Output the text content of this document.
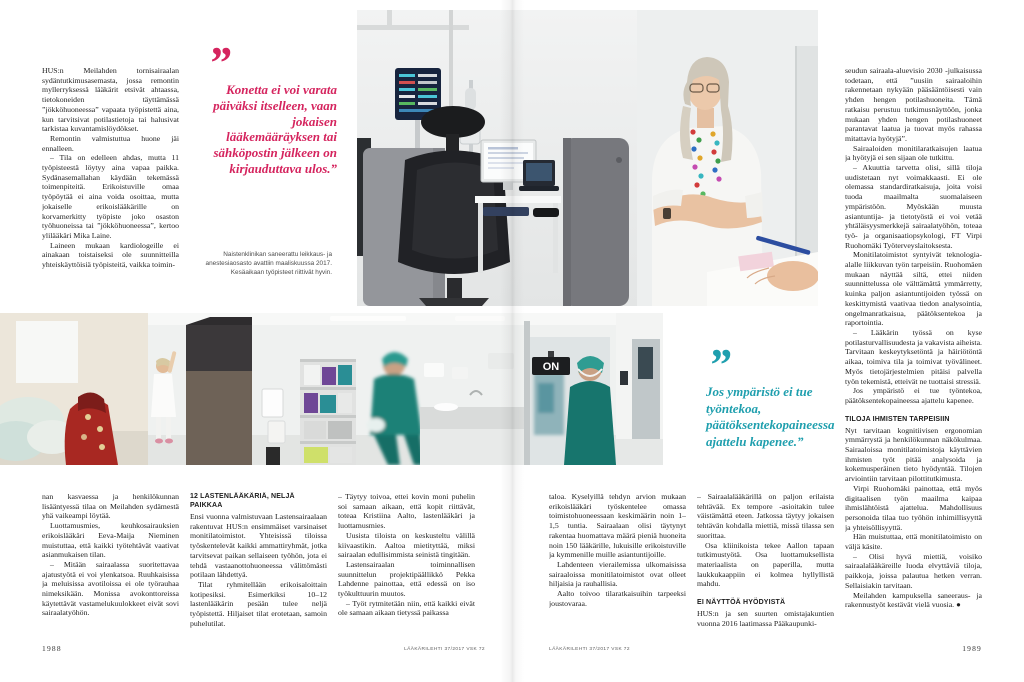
HUS:n Meilahden tornisairaalan sydäntutkimusasemasta, jossa remontin myllerryksessä lääkärit etsivät ahtaassa, tietokoneiden täyttämässä ”jökköhuoneessa” vapaata työpistettä aina, kun tarvitsivat potilastietoja tai halusivat tarkistaa kuvantamislöydökset.

Remontin valmistuttua huone jäi ennalleen.

– Tila on edelleen ahdas, mutta 11 työpisteestä löytyy aina vapaa paikka. Sydänasemallahan käydään tekemässä toimenpiteitä. Erikoistuville omaa työpöytää ei aina voida osoittaa, mutta jokaiselle erikoislääkärille on korvamerkitty työpiste joko osaston työhuoneissa tai ”jökköhuoneessa”, kertoo ylilääkäri Mika Laine.

Laineen mukaan kardiologeille ei ainakaan toistaiseksi ole suunnitteilla yhteiskäyttöisiä työpisteitä, vaikka toimin-

”
Konetta ei voi varata päiväksi itselleen, vaan jokaisen lääkemääräyksen tai sähköpostin jälkeen on kirjauduttava ulos.”
Naistenklinikan saneerattu leikkaus- ja anestesiaosasto avattiin maaliskuussa 2017. Kesäaikaan työpisteet riittivät hyvin.
ON

nan kasvaessa ja henkilökunnan lisääntyessä tilaa on Meilahden sydämestä yhä vaikeampi löytää.

Luottamusmies, keuhkosairauksien erikoislääkäri Eeva-Maija Nieminen muistuttaa, että kaikki työtehtävät vaativat asianmukaisen tilan.

– Mitään sairaalassa suoritettavaa ajatustyötä ei voi ylenkatsoa. Ruuhkaisissa ja meluisissa avotiloissa ei ole työrauhaa nimeksikään. Monissa avokonttoreissa käytettävät vastamelukuulokkeet eivät sovi sairaalatyöhön.

12 LASTENLÄÄKÄRIÄ, NELJÄ PAIKKAA

Ensi vuonna valmistuvaan Lastensairaalaan rakentuvat HUS:n ensimmäiset varsinaiset monitilatoimistot. Yhteisissä tiloissa työskentelevät kaikki ammattiryhmät, jotka tarvitsevat paikan sellaiseen työhön, jota ei tehdä vastaanottohuoneessa välittömästi potilaan lähdettyä.

Tilat ryhmitellään erikoisaloittain kotipesiksi. Esimerkiksi 10–12 lastenlääkärin pesään tulee neljä työpistettä. Hiljaiset tilat erotetaan, samoin puhelutilat.

– Täytyy toivoa, ettei kovin moni puhelin soi samaan aikaan, että kopit riittävät, toteaa Kristiina Aalto, lastenlääkäri ja luottamusmies.

Uusista tiloista on keskusteltu välillä kiivaastikin. Aaltoa mietityttää, miksi sairaalan edullisimmista seinistä tingitään.

Lastensairaalan toiminnallisen suunnittelun projektipäällikkö Pekka Lahdenne painottaa, että edessä on iso työkulttuurin muutos.

– Työt rytmitetään niin, että kaikki eivät ole samaan aikaan tietyssä paikassa

”
Jos ympäristö ei tue työntekoa, päätöksentekopaineessa ajattelu kapenee.”

taloa. Kyselyillä tehdyn arvion mukaan erikoislääkäri työskentelee omassa toimistohuoneessaan keskimäärin noin 1–1,5 tuntia. Sairaalaan olisi täytynyt rakentaa huomattava määrä pieniä huoneita noin 150 lääkärille, lukuisille erikoistuville ja kymmenille muille asiantuntijoille.

Lahdenteen vierailemissa ulkomaisissa sairaaloissa monitilatoimistot ovat olleet hiljaisia ja rauhallisia.

Aalto toivoo tilaratkaisuihin tarpeeksi joustovaraa.

– Sairaalalääkärillä on paljon erilaista tehtävää. Ex tempore -asioitakin tulee väistämättä eteen. Jatkossa täytyy jokaisen tehtävän kohdalla miettiä, missä tilassa sen suorittaa.

Osa kliinikoista tekee Aallon tapaan tutkimustyötä. Osa luottamuksellista materiaalista on paperilla, mutta laukkukaappiin ei kolmea hyllyllistä mahdu.

EI NÄYTTÖÄ HYÖDYISTÄ

HUS:n ja sen suurten omistajakuntien vuonna 2016 laatimassa Pääkaupunki-

seudun sairaala-aluevisio 2030 -julkaisussa todetaan, että ”uusiin sairaaloihin rakennetaan nykyään pääsääntöisesti vain yhden hengen potilashuoneita. Tämä ratkaisu perustuu tutkimusnäyttöön, jonka mukaan yhden hengen potilashuoneet parantavat laatua ja tuovat myös rahassa mitattavia hyötyjä”.

Sairaaloiden monitilaratkaisujen laatua ja hyötyjä ei sen sijaan ole tutkittu.

– Akuuttia tarvetta olisi, sillä tiloja uudistetaan nyt voimakkaasti. Ei ole olemassa standardiratkaisuja, joita voisi tuoda maailmalta suomalaiseen ympäristöön. Myöskään muusta asiantuntija- ja tietotyöstä ei voi vetää yhtäläisyysmerkkejä sairaalatyöhön, toteaa työ- ja organisaatiopsykologi, FT Virpi Ruohomäki Työterveyslaitoksesta.

Monitilatoimistot syntyivät teknologia-alalle liikkuvan työn tarpeisiin. Ruohomäen mukaan näyttää siltä, ettei niiden suunnittelussa ole välttämättä ymmärretty, kuinka paljon asiantuntijoiden työssä on keskittymistä vaativaa tiedon analysointia, ongelmanratkaisua, päätöksentekoa ja raportointia.

– Lääkärin työssä on kyse potilasturvallisuudesta ja vakavista aiheista. Tarvitaan keskeytyksetöntä ja häiriötöntä aikaa, toimiva tila ja toimivat työvälineet. Myös tietojärjestelmien pitäisi palvella työn tekemistä, etteivät ne tuottaisi stressiä.

Jos ympäristö ei tue työntekoa, päätöksentekopaineessa ajattelu kapenee.

TILOJA IHMISTEN TARPEISIIN

Nyt tarvitaan kognitiivisen ergonomian ymmärrystä ja henkilökunnan näkökulmaa. Sairaaloissa monitilatoimistoja käyttävien ihmisten työt pitää analysoida ja kokemusperäinen tieto hyödyntää. Tilojen arviointiin tarvitaan pilottitutkimusta.

Virpi Ruohomäki painottaa, että myös digitaalisen työn maailma kaipaa ihmislähtöistä ajattelua. Mahdollisuus personoida tilaa tuo työhön inhimillisyyttä ja yhteisöllisyyttä.

Hän muistuttaa, että monitilatoimisto on väljä käsite.

– Olisi hyvä miettiä, voisiko sairaalalääkäreille luoda elvyttäviä tiloja, paikkoja, joissa palautua hetken verran. Sellaisiakin tarvitaan.

Meilahden kampuksella saneeraus- ja rakennustyöt kestävät vielä vuosia. ●

1988	LÄÄKÄRILEHTI 37/2017 VSK 72	LÄÄKÄRILEHTI 37/2017 VSK 72	1989
